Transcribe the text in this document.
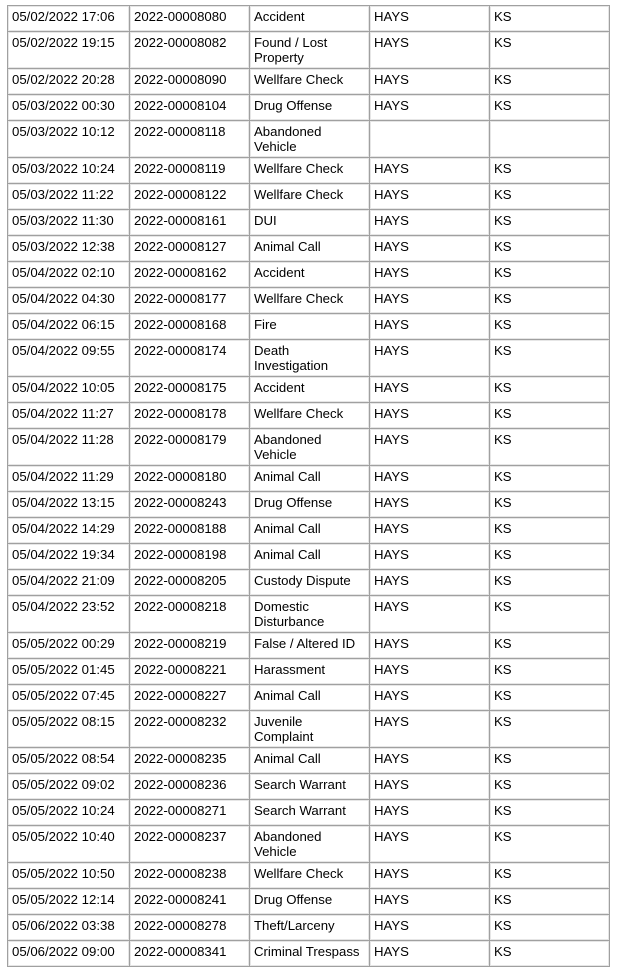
05/02/2022 17:06	2022-00008080	Accident	HAYS	KS
05/02/2022 19:15	2022-00008082	Found / Lost Property	HAYS	KS
05/02/2022 20:28	2022-00008090	Wellfare Check	HAYS	KS
05/03/2022 00:30	2022-00008104	Drug Offense	HAYS	KS
05/03/2022 10:12	2022-00008118	Abandoned Vehicle		
05/03/2022 10:24	2022-00008119	Wellfare Check	HAYS	KS
05/03/2022 11:22	2022-00008122	Wellfare Check	HAYS	KS
05/03/2022 11:30	2022-00008161	DUI	HAYS	KS
05/03/2022 12:38	2022-00008127	Animal Call	HAYS	KS
05/04/2022 02:10	2022-00008162	Accident	HAYS	KS
05/04/2022 04:30	2022-00008177	Wellfare Check	HAYS	KS
05/04/2022 06:15	2022-00008168	Fire	HAYS	KS
05/04/2022 09:55	2022-00008174	Death Investigation	HAYS	KS
05/04/2022 10:05	2022-00008175	Accident	HAYS	KS
05/04/2022 11:27	2022-00008178	Wellfare Check	HAYS	KS
05/04/2022 11:28	2022-00008179	Abandoned Vehicle	HAYS	KS
05/04/2022 11:29	2022-00008180	Animal Call	HAYS	KS
05/04/2022 13:15	2022-00008243	Drug Offense	HAYS	KS
05/04/2022 14:29	2022-00008188	Animal Call	HAYS	KS
05/04/2022 19:34	2022-00008198	Animal Call	HAYS	KS
05/04/2022 21:09	2022-00008205	Custody Dispute	HAYS	KS
05/04/2022 23:52	2022-00008218	Domestic Disturbance	HAYS	KS
05/05/2022 00:29	2022-00008219	False / Altered ID	HAYS	KS
05/05/2022 01:45	2022-00008221	Harassment	HAYS	KS
05/05/2022 07:45	2022-00008227	Animal Call	HAYS	KS
05/05/2022 08:15	2022-00008232	Juvenile Complaint	HAYS	KS
05/05/2022 08:54	2022-00008235	Animal Call	HAYS	KS
05/05/2022 09:02	2022-00008236	Search Warrant	HAYS	KS
05/05/2022 10:24	2022-00008271	Search Warrant	HAYS	KS
05/05/2022 10:40	2022-00008237	Abandoned Vehicle	HAYS	KS
05/05/2022 10:50	2022-00008238	Wellfare Check	HAYS	KS
05/05/2022 12:14	2022-00008241	Drug Offense	HAYS	KS
05/06/2022 03:38	2022-00008278	Theft/Larceny	HAYS	KS
05/06/2022 09:00	2022-00008341	Criminal Trespass	HAYS	KS
